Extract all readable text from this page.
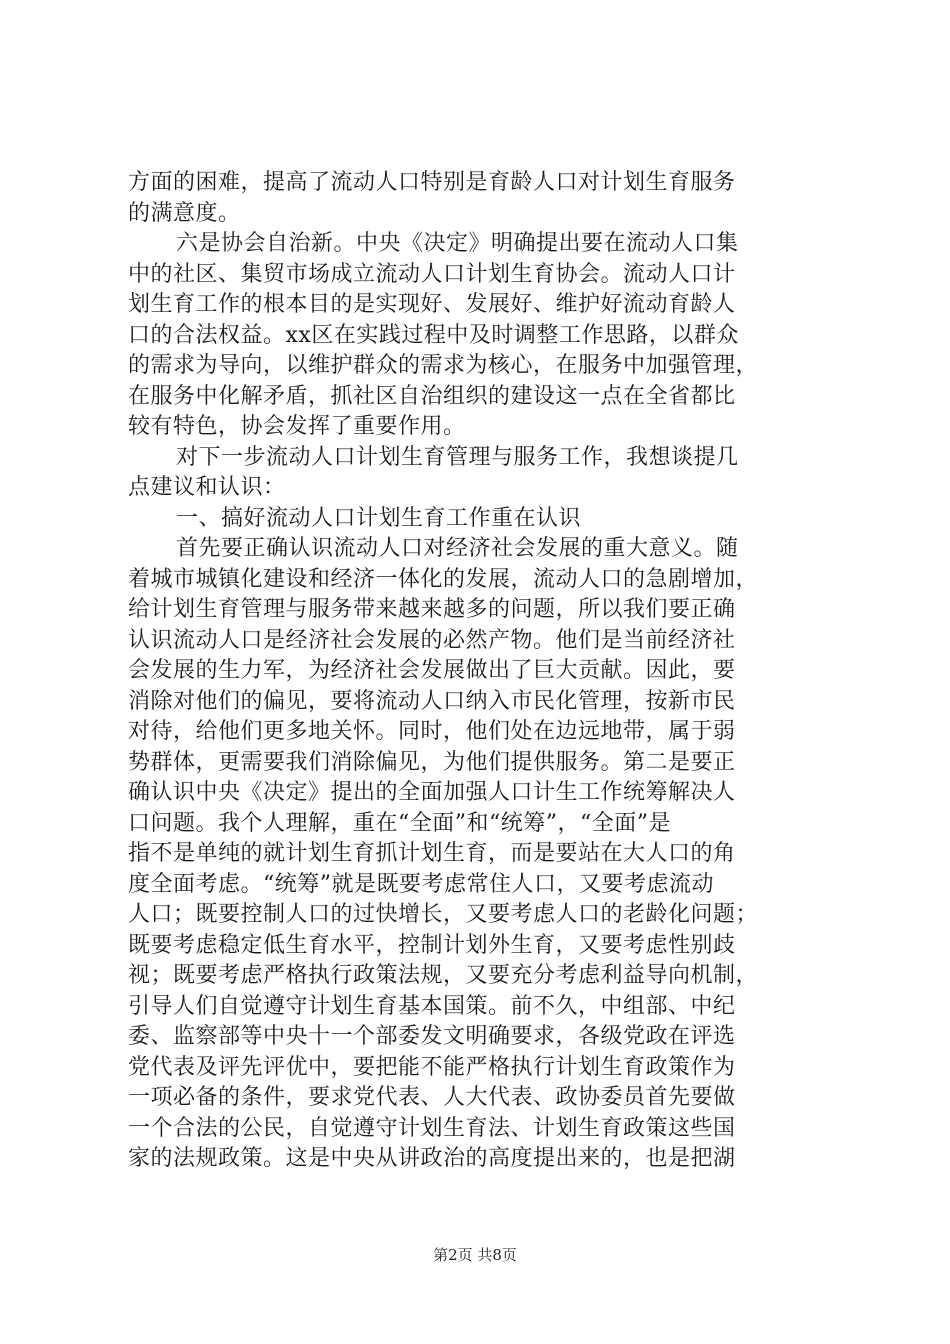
方面的困难，提高了流动人口特别是育龄人口对计划生育服务
的满意度。
六是协会自治新。中央《决定》明确提出要在流动人口集
中的社区、集贸市场成立流动人口计划生育协会。流动人口计
划生育工作的根本目的是实现好、发展好、维护好流动育龄人
口的合法权益。xx区在实践过程中及时调整工作思路，以群众
的需求为导向，以维护群众的需求为核心，在服务中加强管理，
在服务中化解矛盾，抓社区自治组织的建设这一点在全省都比
较有特色，协会发挥了重要作用。
对下一步流动人口计划生育管理与服务工作，我想谈提几
点建议和认识：
一、搞好流动人口计划生育工作重在认识
首先要正确认识流动人口对经济社会发展的重大意义。随
着城市城镇化建设和经济一体化的发展，流动人口的急剧增加，
给计划生育管理与服务带来越来越多的问题，所以我们要正确
认识流动人口是经济社会发展的必然产物。他们是当前经济社
会发展的生力军，为经济社会发展做出了巨大贡献。因此，要
消除对他们的偏见，要将流动人口纳入市民化管理，按新市民
对待，给他们更多地关怀。同时，他们处在边远地带，属于弱
势群体，更需要我们消除偏见，为他们提供服务。第二是要正
确认识中央《决定》提出的全面加强人口计生工作统筹解决人
口问题。我个人理解，重在“全面”和“统筹”，“全面”是
指不是单纯的就计划生育抓计划生育，而是要站在大人口的角
度全面考虑。“统筹”就是既要考虑常住人口，又要考虑流动
人口；既要控制人口的过快增长，又要考虑人口的老龄化问题；
既要考虑稳定低生育水平，控制计划外生育，又要考虑性别歧
视；既要考虑严格执行政策法规，又要充分考虑利益导向机制，
引导人们自觉遵守计划生育基本国策。前不久，中组部、中纪
委、监察部等中央十一个部委发文明确要求，各级党政在评选
党代表及评先评优中，要把能不能严格执行计划生育政策作为
一项必备的条件，要求党代表、人大代表、政协委员首先要做
一个合法的公民，自觉遵守计划生育法、计划生育政策这些国
家的法规政策。这是中央从讲政治的高度提出来的，也是把湖
第2页 共8页
